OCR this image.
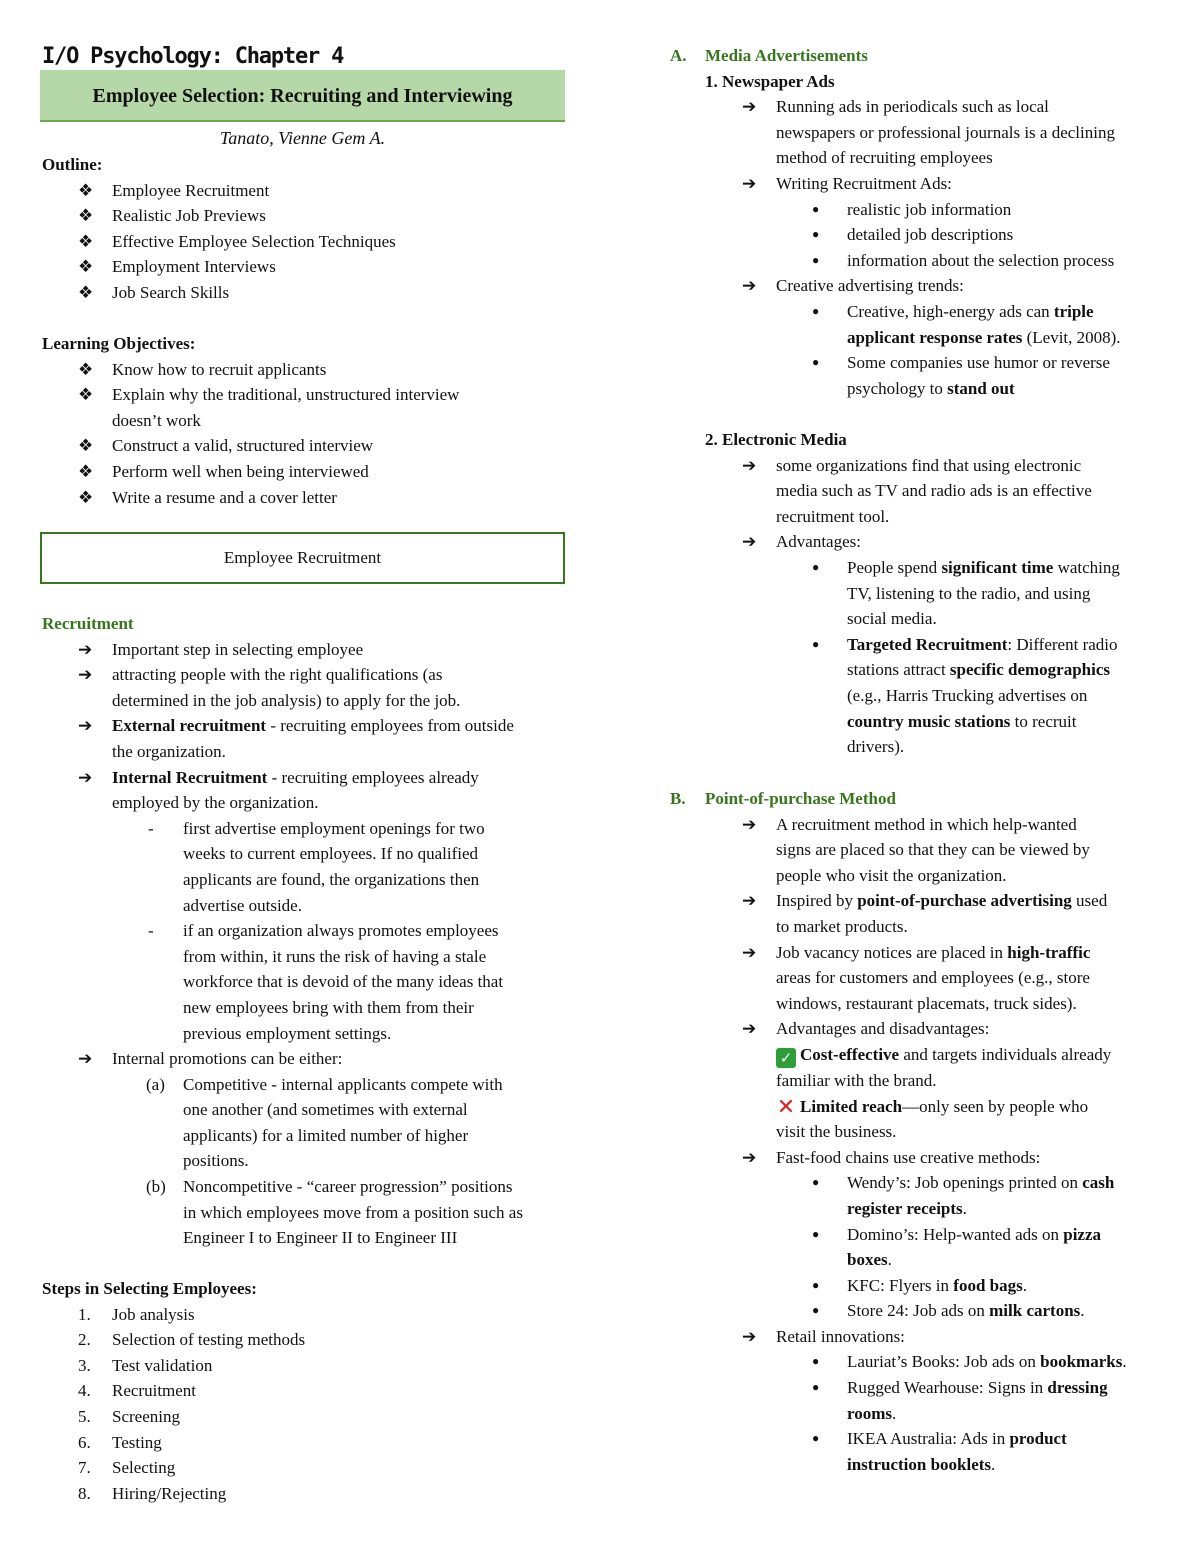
I/O Psychology: Chapter 4
Employee Selection: Recruiting and Interviewing
Tanato, Vienne Gem A.
Outline:
❖ Employee Recruitment
❖ Realistic Job Previews
❖ Effective Employee Selection Techniques
❖ Employment Interviews
❖ Job Search Skills
Learning Objectives:
❖ Know how to recruit applicants
❖ Explain why the traditional, unstructured interview
doesn’t work
❖ Construct a valid, structured interview
❖ Perform well when being interviewed
❖ Write a resume and a cover letter
Employee Recruitment
Recruitment
➔ Important step in selecting employee
➔ attracting people with the right qualifications (as
determined in the job analysis) to apply for the job.
➔ External recruitment - recruiting employees from outside
the organization.
➔ Internal Recruitment - recruiting employees already
employed by the organization.
- first advertise employment openings for two
weeks to current employees. If no qualified
applicants are found, the organizations then
advertise outside.
- if an organization always promotes employees
from within, it runs the risk of having a stale
workforce that is devoid of the many ideas that
new employees bring with them from their
previous employment settings.
➔ Internal promotions can be either:
(a) Competitive - internal applicants compete with
one another (and sometimes with external
applicants) for a limited number of higher
positions.
(b) Noncompetitive - “career progression” positions
in which employees move from a position such as
Engineer I to Engineer II to Engineer III
Steps in Selecting Employees:
1. Job analysis
2. Selection of testing methods
3. Test validation
4. Recruitment
5. Screening
6. Testing
7. Selecting
8. Hiring/Rejecting
A. Media Advertisements
1. Newspaper Ads
➔ Running ads in periodicals such as local
newspapers or professional journals is a declining
method of recruiting employees
➔ Writing Recruitment Ads:
● realistic job information
● detailed job descriptions
● information about the selection process
➔ Creative advertising trends:
● Creative, high-energy ads can triple
applicant response rates (Levit, 2008).
● Some companies use humor or reverse
psychology to stand out
2. Electronic Media
➔ some organizations find that using electronic
media such as TV and radio ads is an effective
recruitment tool.
➔ Advantages:
● People spend significant time watching
TV, listening to the radio, and using
social media.
● Targeted Recruitment: Different radio
stations attract specific demographics
(e.g., Harris Trucking advertises on
country music stations to recruit
drivers).
B. Point-of-purchase Method
➔ A recruitment method in which help-wanted
signs are placed so that they can be viewed by
people who visit the organization.
➔ Inspired by point-of-purchase advertising used
to market products.
➔ Job vacancy notices are placed in high-traffic
areas for customers and employees (e.g., store
windows, restaurant placemats, truck sides).
➔ Advantages and disadvantages:
✓ Cost-effective and targets individuals already
familiar with the brand.
✕ Limited reach—only seen by people who
visit the business.
➔ Fast-food chains use creative methods:
● Wendy’s: Job openings printed on cash
register receipts.
● Domino’s: Help-wanted ads on pizza
boxes.
● KFC: Flyers in food bags.
● Store 24: Job ads on milk cartons.
➔ Retail innovations:
● Lauriat’s Books: Job ads on bookmarks.
● Rugged Wearhouse: Signs in dressing
rooms.
● IKEA Australia: Ads in product
instruction booklets.
